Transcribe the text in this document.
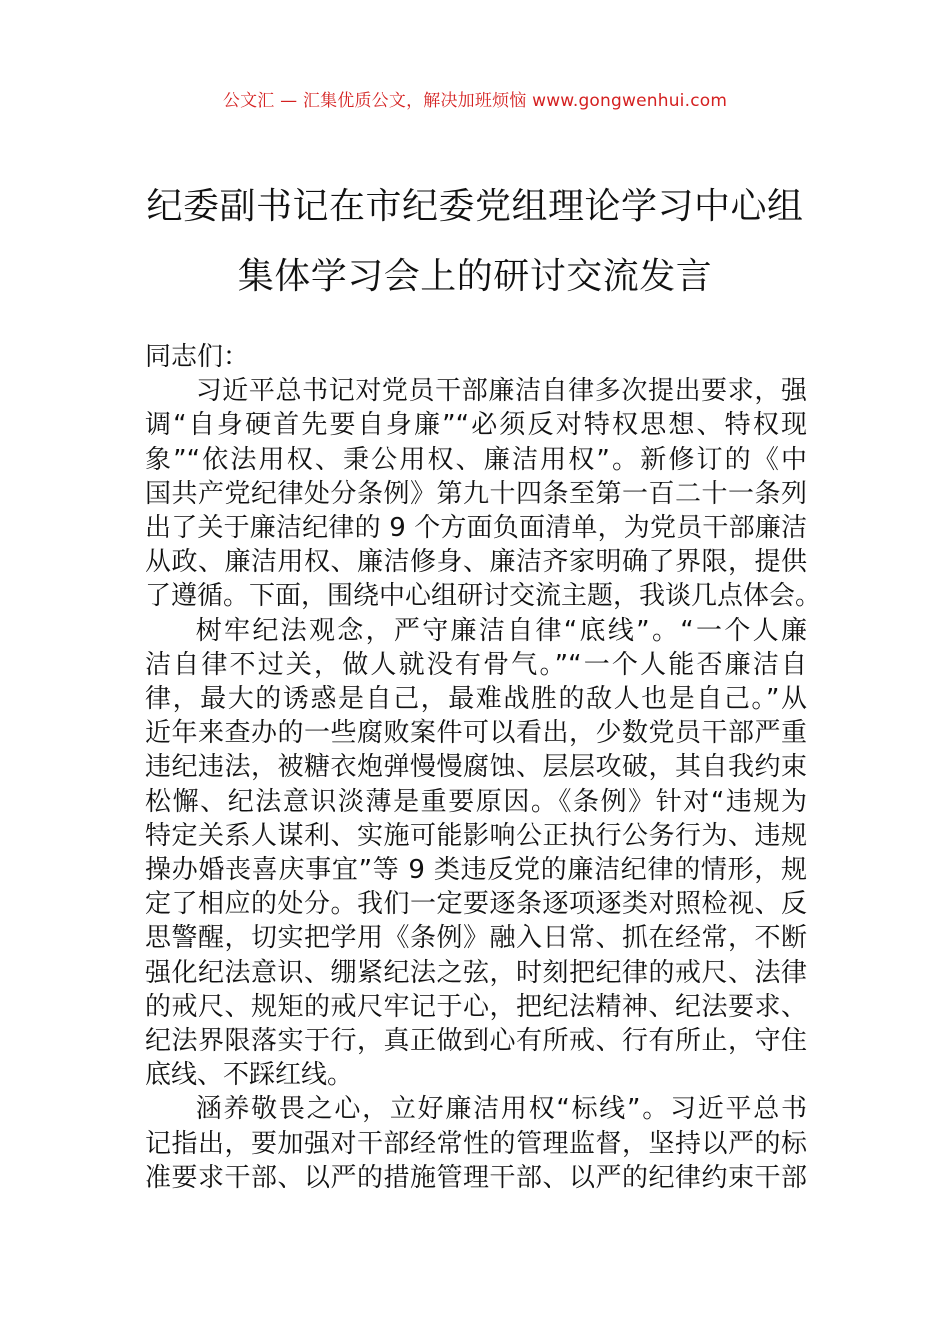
公文汇 — 汇集优质公文，解决加班烦恼 www.gongwenhui.com
纪委副书记在市纪委党组理论学习中心组
集体学习会上的研讨交流发言

同志们：

习近平总书记对党员干部廉洁自律多次提出要求，强
调“自身硬首先要自身廉”“必须反对特权思想、特权现
象”“依法用权、秉公用权、廉洁用权”。新修订的《中
国共产党纪律处分条例》第九十四条至第一百二十一条列
出了关于廉洁纪律的 9 个方面负面清单，为党员干部廉洁
从政、廉洁用权、廉洁修身、廉洁齐家明确了界限，提供
了遵循。下面，围绕中心组研讨交流主题，我谈几点体会。

树牢纪法观念，严守廉洁自律“底线”。“一个人廉
洁自律不过关，做人就没有骨气。”“一个人能否廉洁自
律，最大的诱惑是自己，最难战胜的敌人也是自己。”从
近年来查办的一些腐败案件可以看出，少数党员干部严重
违纪违法，被糖衣炮弹慢慢腐蚀、层层攻破，其自我约束
松懈、纪法意识淡薄是重要原因。《条例》针对“违规为
特定关系人谋利、实施可能影响公正执行公务行为、违规
操办婚丧喜庆事宜”等 9 类违反党的廉洁纪律的情形，规
定了相应的处分。我们一定要逐条逐项逐类对照检视、反
思警醒，切实把学用《条例》融入日常、抓在经常，不断
强化纪法意识、绷紧纪法之弦，时刻把纪律的戒尺、法律
的戒尺、规矩的戒尺牢记于心，把纪法精神、纪法要求、
纪法界限落实于行，真正做到心有所戒、行有所止，守住
底线、不踩红线。

涵养敬畏之心，立好廉洁用权“标线”。习近平总书
记指出，要加强对干部经常性的管理监督，坚持以严的标
准要求干部、以严的措施管理干部、以严的纪律约束干部
